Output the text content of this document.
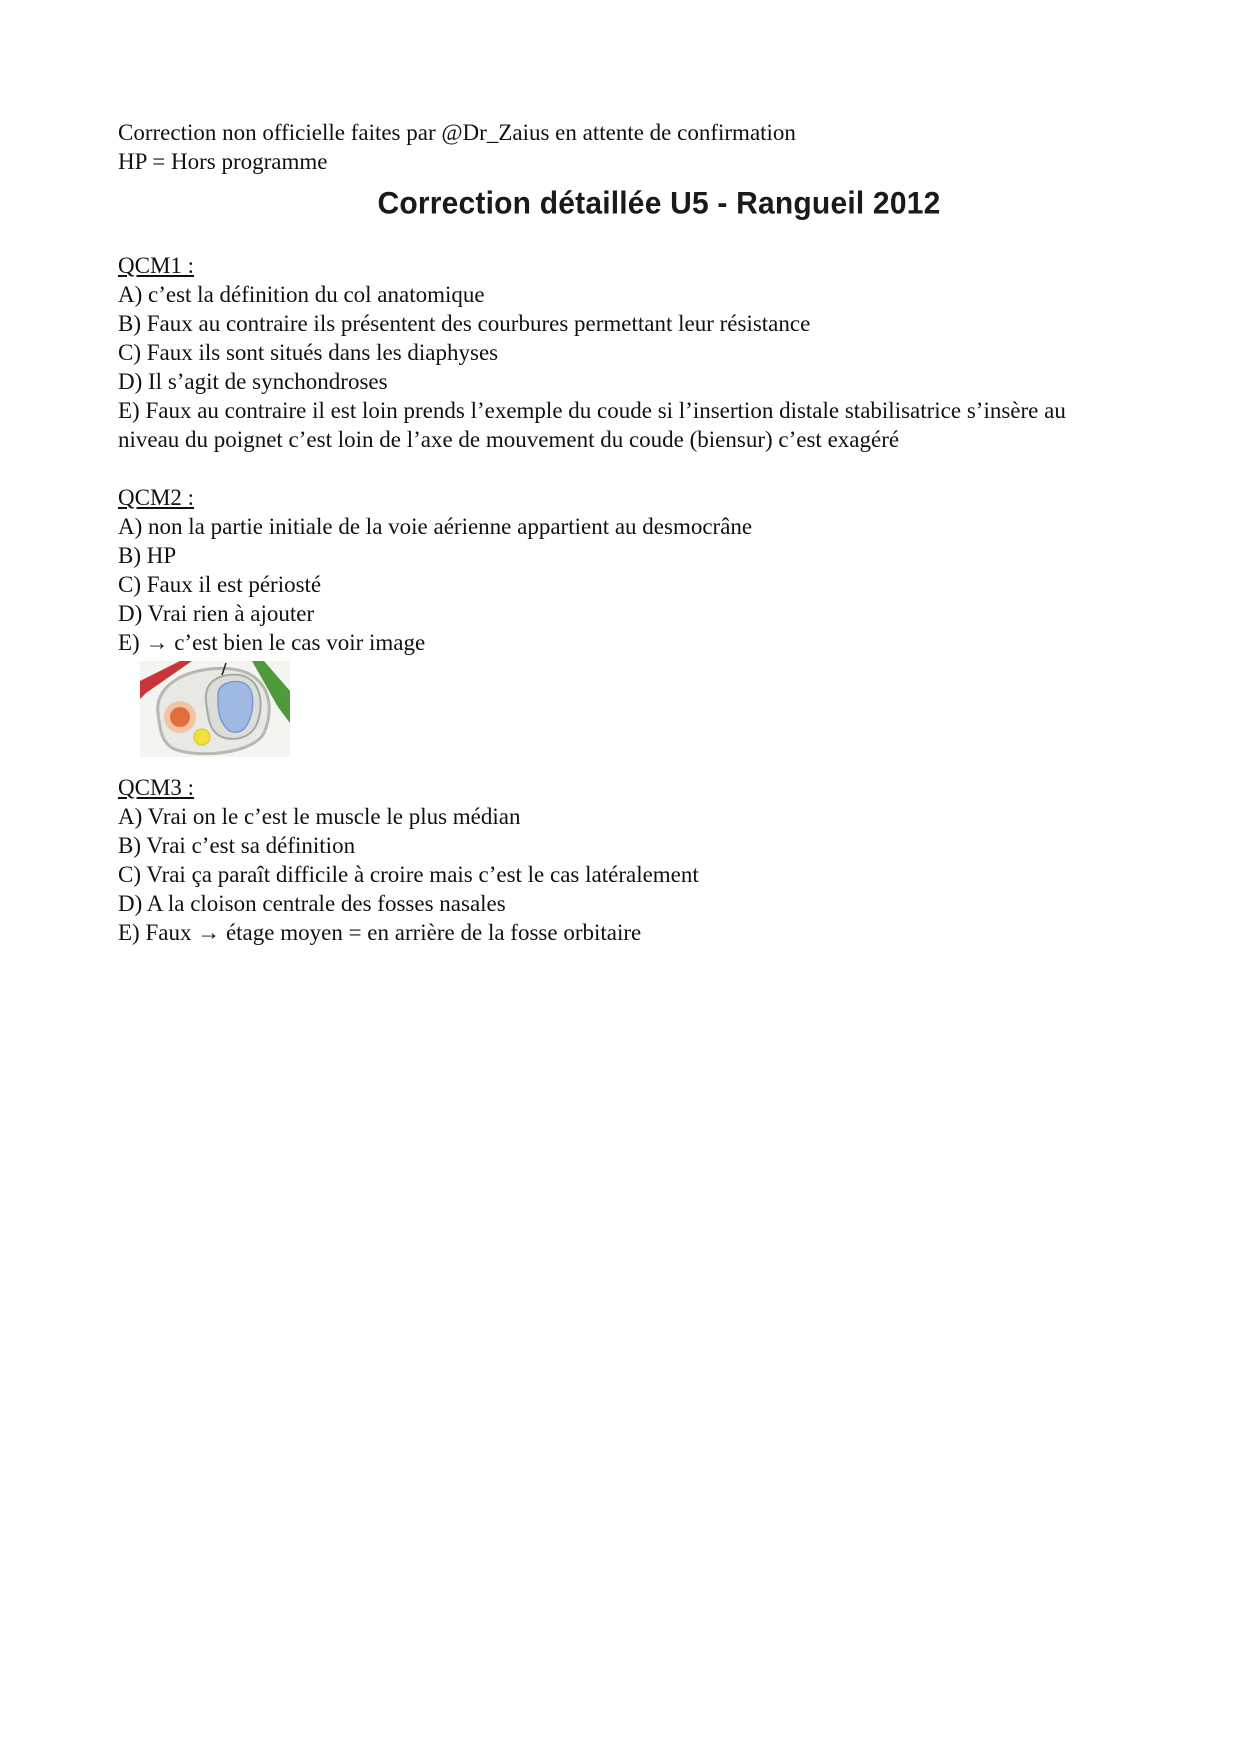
Correction non officielle faites par @Dr_Zaius en attente de confirmation
HP = Hors programme
Correction détaillée U5 - Rangueil 2012
QCM1 :
A) c’est la définition du col anatomique
B) Faux au contraire ils présentent des courbures permettant leur résistance
C) Faux ils sont situés dans les diaphyses
D) Il s’agit de synchondroses
E) Faux au contraire il est loin prends l’exemple du coude si l’insertion distale stabilisatrice s’insère au niveau du poignet c’est loin de l’axe de mouvement du coude (biensur) c’est exagéré
QCM2 :
A) non la partie initiale de la voie aérienne appartient au desmocrâne
B) HP
C) Faux il est périosté
D) Vrai rien à ajouter
E) → c’est bien le cas voir image
QCM3 :
A) Vrai on le c’est le muscle le plus médian
B) Vrai c’est sa définition
C) Vrai ça paraît difficile à croire mais c’est le cas latéralement
D) A la cloison centrale des fosses nasales
E) Faux → étage moyen = en arrière de la fosse orbitaire
